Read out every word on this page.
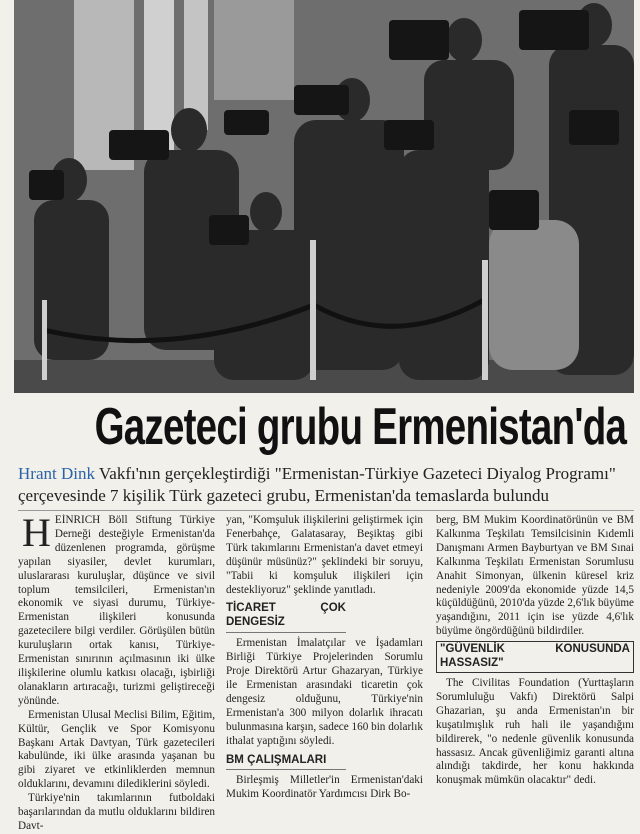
Gazeteci grubu Ermenistan'da
Hrant Dink Vakfı'nın gerçekleştirdiği "Ermenistan-Türkiye Gazeteci Diyalog Programı" çerçevesinde 7 kişilik Türk gazeteci grubu, Ermenistan'da temaslarda bulundu

HEİNRICH Böll Stiftung Türkiye Derneği desteğiyle Ermenistan'da düzenlenen programda, görüşme yapılan siyasiler, devlet kurumları, uluslararası kuruluşlar, düşünce ve sivil toplum temsilcileri, Ermenistan'ın ekonomik ve siyasi durumu, Türkiye-Ermenistan ilişkileri konusunda gazetecilere bilgi verdiler. Görüşülen bütün kuruluşların ortak kanısı, Türkiye-Ermenistan sınırının açılmasının iki ülke ilişkilerine olumlu katkısı olacağı, işbirliği olanakların artıracağı, turizmi geliştireceği yönünde.

Ermenistan Ulusal Meclisi Bilim, Eğitim, Kültür, Gençlik ve Spor Komisyonu Başkanı Artak Davtyan, Türk gazetecileri kabulünde, iki ülke arasında yaşanan bu gibi ziyaret ve etkinliklerden memnun olduklarını, devamını dilediklerini söyledi.

Türkiye'nin takımlarının futboldaki başarılarından da mutlu olduklarını bildiren Davt-

yan, "Komşuluk ilişkilerini geliştirmek için Fenerbahçe, Galatasaray, Beşiktaş gibi Türk takımlarını Ermenistan'a davet etmeyi düşünür müsünüz?" şeklindeki bir soruyu, "Tabii ki komşuluk ilişkileri için destekliyoruz" şeklinde yanıtladı.

TİCARET ÇOK DENGESİZ

Ermenistan İmalatçılar ve İşadamları Birliği Türkiye Projelerinden Sorumlu Proje Direktörü Artur Ghazaryan, Türkiye ile Ermenistan arasındaki ticaretin çok dengesiz olduğunu, Türkiye'nin Ermenistan'a 300 milyon dolarlık ihracatı bulunmasına karşın, sadece 160 bin dolarlık ithalat yaptığını söyledi.

BM ÇALIŞMALARI

Birleşmiş Milletler'in Ermenistan'daki Mukim Koordinatör Yardımcısı Dirk Bo-

berg, BM Mukim Koordinatörünün ve BM Kalkınma Teşkilatı Temsilcisinin Kıdemli Danışmanı Armen Bayburtyan ve BM Sınai Kalkınma Teşkilatı Ermenistan Sorumlusu Anahit Simonyan, ülkenin küresel kriz nedeniyle 2009'da ekonomide yüzde 14,5 küçüldüğünü, 2010'da yüzde 2,6'lık büyüme yaşandığını, 2011 için ise yüzde 4,6'lık büyüme öngördüğünü bildirdiler.

"GÜVENLİK KONUSUNDA HASSASIZ"

The Civilitas Foundation (Yurttaşların Sorumluluğu Vakfı) Direktörü Salpi Ghazarian, şu anda Ermenistan'ın bir kuşatılmışlık ruh hali ile yaşandığını bildirerek, "o nedenle güvenlik konusunda hassasız. Ancak güvenliğimiz garanti altına alındığı takdirde, her konu hakkında konuşmak mümkün olacaktır" dedi.
